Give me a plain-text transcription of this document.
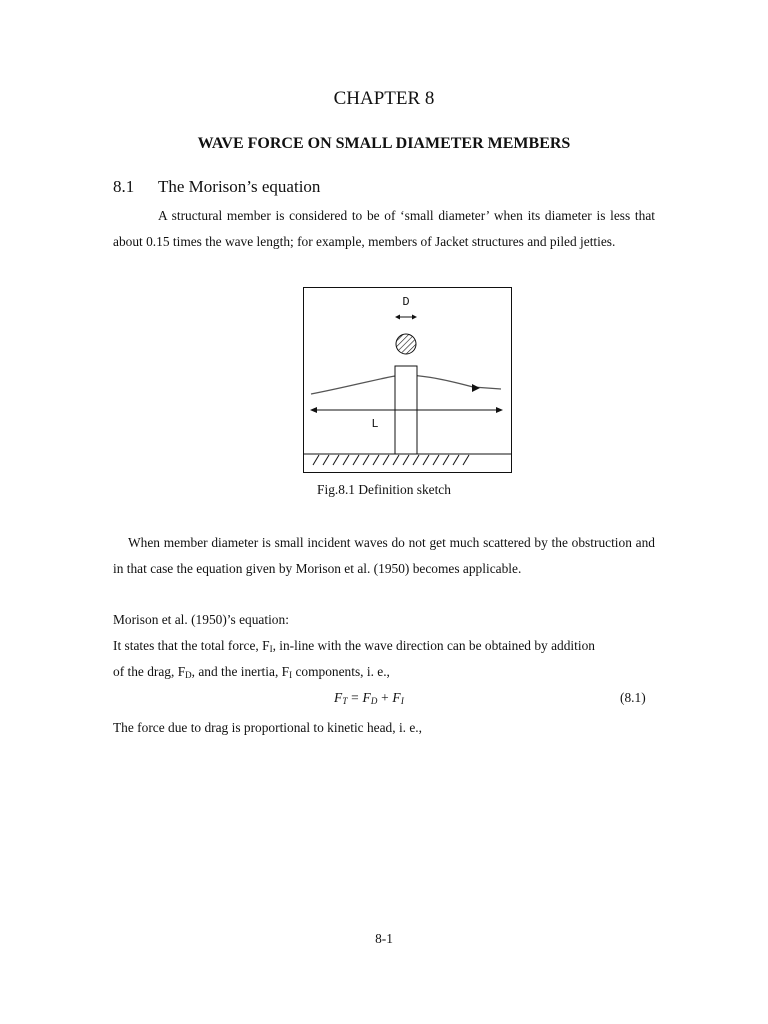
CHAPTER 8
WAVE FORCE ON SMALL DIAMETER MEMBERS
8.1 The Morison’s equation
A structural member is considered to be of ‘small diameter’ when its diameter is less that about 0.15 times the wave length; for example, members of Jacket structures and piled jetties.
D
L
Fig.8.1 Definition sketch
When member diameter is small incident waves do not get much scattered by the obstruction and in that case the equation given by Morison et al. (1950) becomes applicable.
Morison et al. (1950)’s equation:
It states that the total force, $F_I$, in-line with the wave direction can be obtained by addition
of the drag, $F_D$, and the inertia, $F_I$ components, i. e.,
$F_T = F_D + F_I$	(8.1)
The force due to drag is proportional to kinetic head, i. e.,
8-1
